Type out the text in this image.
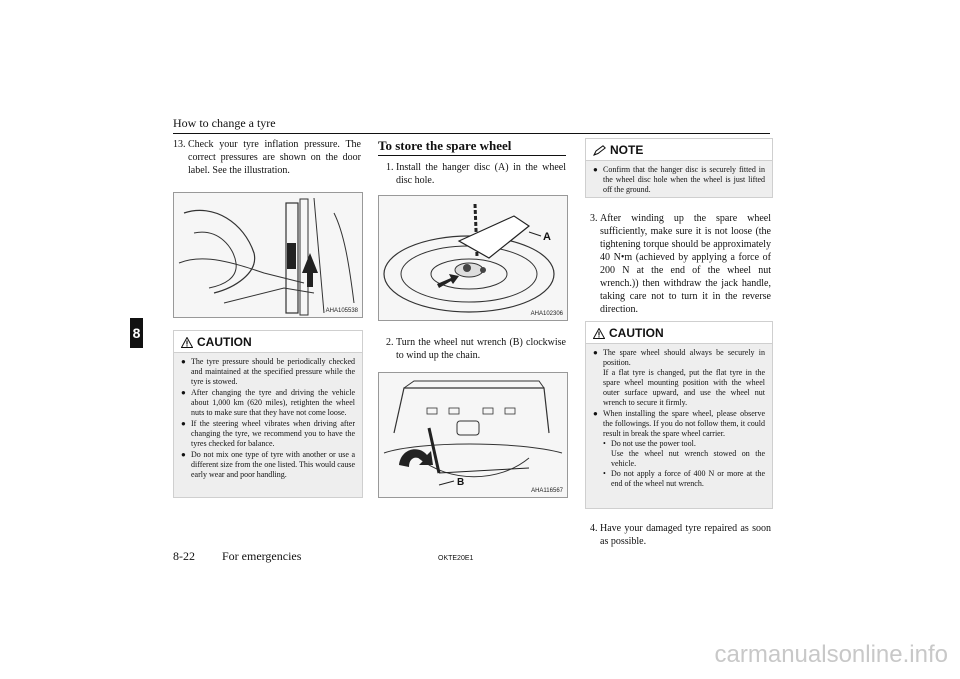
How to change a tyre
8
13. Check your tyre inflation pressure. The correct pressures are shown on the door label. See the illustration.
AHA105538
CAUTION
● The tyre pressure should be periodically checked and maintained at the specified pressure while the tyre is stowed.
● After changing the tyre and driving the vehicle about 1,000 km (620 miles), retighten the wheel nuts to make sure that they have not come loose.
● If the steering wheel vibrates when driving after changing the tyre, we recommend you to have the tyres checked for balance.
● Do not mix one type of tyre with another or use a different size from the one listed. This would cause early wear and poor handling.
To store the spare wheel
1. Install the hanger disc (A) in the wheel disc hole.
A
AHA102306
2. Turn the wheel nut wrench (B) clockwise to wind up the chain.
B
AHA116567
NOTE
● Confirm that the hanger disc is securely fitted in the wheel disc hole when the wheel is just lifted off the ground.
3. After winding up the spare wheel sufficiently, make sure it is not loose (the tightening torque should be approximately 40 N•m (achieved by applying a force of 200 N at the end of the wheel nut wrench.)) then withdraw the jack handle, taking care not to turn it in the reverse direction.
CAUTION
● The spare wheel should always be securely in position.
If a flat tyre is changed, put the flat tyre in the spare wheel mounting position with the wheel outer surface upward, and use the wheel nut wrench to secure it firmly.
● When installing the spare wheel, please observe the followings. If you do not follow them, it could result in break the spare wheel carrier.
• Do not use the power tool.
Use the wheel nut wrench stowed on the vehicle.
• Do not apply a force of 400 N or more at the end of the wheel nut wrench.
4. Have your damaged tyre repaired as soon as possible.
8-22 For emergencies	OKTE20E1
carmanualsonline.info
